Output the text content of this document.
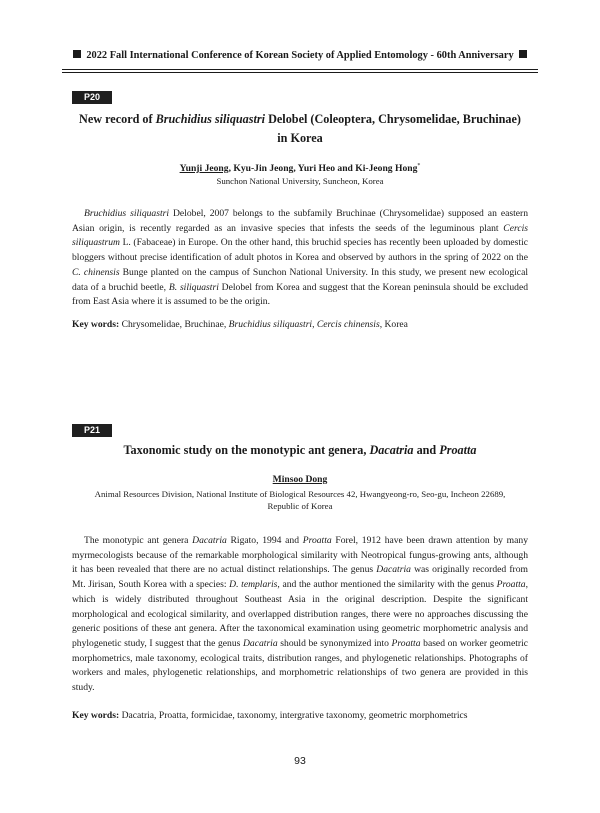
2022 Fall International Conference of Korean Society of Applied Entomology - 60th Anniversary
P20
New record of Bruchidius siliquastri Delobel (Coleoptera, Chrysomelidae, Bruchinae)
in Korea
Yunji Jeong, Kyu-Jin Jeong, Yuri Heo and Ki-Jeong Hong*
Sunchon National University, Suncheon, Korea

Bruchidius siliquastri Delobel, 2007 belongs to the subfamily Bruchinae (Chrysomelidae) supposed an eastern Asian origin, is recently regarded as an invasive species that infests the seeds of the leguminous plant Cercis siliquastrum L. (Fabaceae) in Europe. On the other hand, this bruchid species has recently been uploaded by domestic bloggers without precise identification of adult photos in Korea and observed by authors in the spring of 2022 on the C. chinensis Bunge planted on the campus of Sunchon National University. In this study, we present new ecological data of a bruchid beetle, B. siliquastri Delobel from Korea and suggest that the Korean peninsula should be excluded from East Asia where it is assumed to be the origin.

Key words: Chrysomelidae, Bruchinae, Bruchidius siliquastri, Cercis chinensis, Korea

P21
Taxonomic study on the monotypic ant genera, Dacatria and Proatta
Minsoo Dong
Animal Resources Division, National Institute of Biological Resources 42, Hwangyeong-ro, Seo-gu, Incheon 22689,
Republic of Korea

The monotypic ant genera Dacatria Rigato, 1994 and Proatta Forel, 1912 have been drawn attention by many myrmecologists because of the remarkable morphological similarity with Neotropical fungus-growing ants, although it has been revealed that there are no actual distinct relationships. The genus Dacatria was originally recorded from Mt. Jirisan, South Korea with a species: D. templaris, and the author mentioned the similarity with the genus Proatta, which is widely distributed throughout Southeast Asia in the original description. Despite the significant morphological and ecological similarity, and overlapped distribution ranges, there were no approaches discussing the generic positions of these ant genera. After the taxonomical examination using geometric morphometric analysis and phylogenetic study, I suggest that the genus Dacatria should be synonymized into Proatta based on worker geometric morphometrics, male taxonomy, ecological traits, distribution ranges, and phylogenetic relationships. Photographs of workers and males, phylogenetic relationships, and morphometric relationships of two genera are provided in this study.

Key words: Dacatria, Proatta, formicidae, taxonomy, intergrative taxonomy, geometric morphometrics

93
